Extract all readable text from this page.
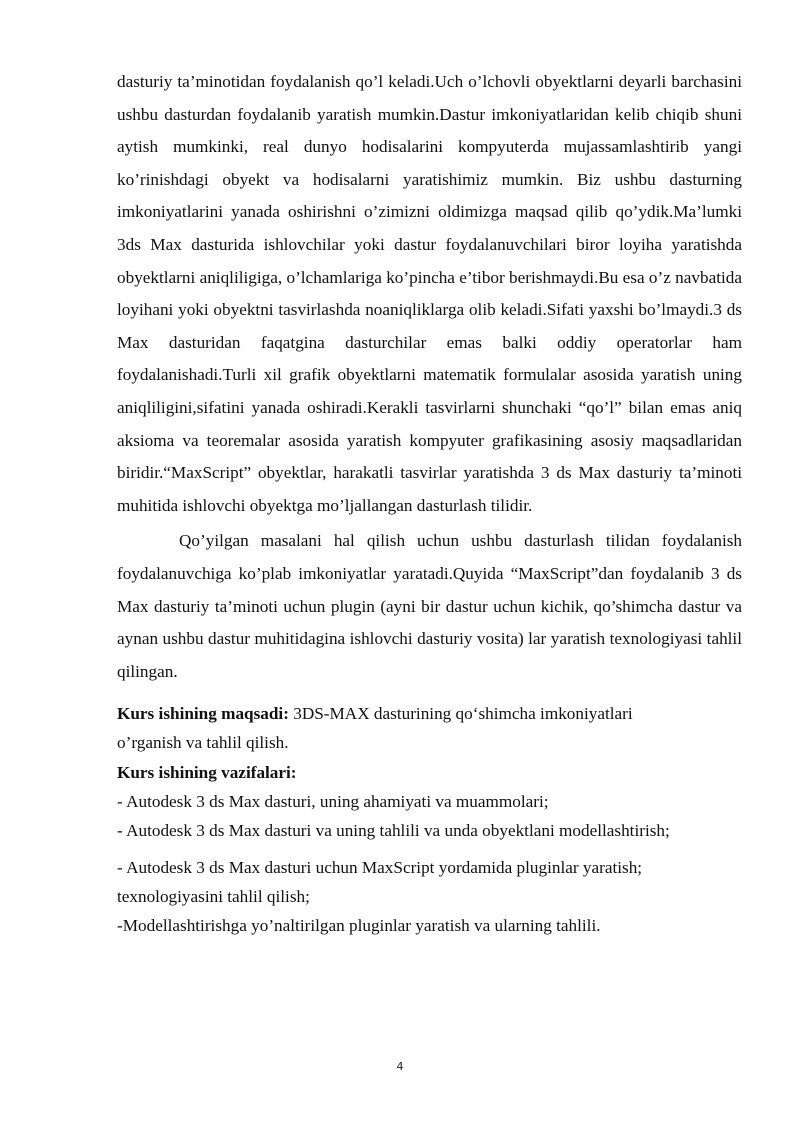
dasturiy ta’minotidan foydalanish qo’l keladi.Uch o’lchovli obyektlarni deyarli barchasini ushbu dasturdan foydalanib yaratish mumkin.Dastur imkoniyatlaridan kelib chiqib shuni aytish mumkinki, real dunyo hodisalarini kompyuterda mujassamlashtirib yangi ko’rinishdagi obyekt va hodisalarni yaratishimiz mumkin. Biz ushbu dasturning imkoniyatlarini yanada oshirishni o’zimizni oldimizga maqsad qilib qo’ydik.Ma’lumki 3ds Max dasturida ishlovchilar yoki dastur foydalanuvchilari biror loyiha yaratishda obyektlarni aniqliligiga, o’lchamlariga ko’pincha e’tibor berishmaydi.Bu esa o’z navbatida loyihani yoki obyektni tasvirlashda noaniqliklarga olib keladi.Sifati yaxshi bo’lmaydi.3 ds Max dasturidan faqatgina dasturchilar emas balki oddiy operatorlar ham foydalanishadi.Turli xil grafik obyektlarni matematik formulalar asosida yaratish uning aniqliligini,sifatini yanada oshiradi.Kerakli tasvirlarni shunchaki “qo’l” bilan emas aniq aksioma va teoremalar asosida yaratish kompyuter grafikasining asosiy maqsadlaridan biridir.“MaxScript” obyektlar, harakatli tasvirlar yaratishda 3 ds Max dasturiy ta’minoti muhitida ishlovchi obyektga mo’ljallangan dasturlash tilidir.

Qo’yilgan masalani hal qilish uchun ushbu dasturlash tilidan foydalanish foydalanuvchiga ko’plab imkoniyatlar yaratadi.Quyida “MaxScript”dan foydalanib 3 ds Max dasturiy ta’minoti uchun plugin (ayni bir dastur uchun kichik, qo’shimcha dastur va aynan ushbu dastur muhitidagina ishlovchi dasturiy vosita) lar yaratish texnologiyasi tahlil qilingan.

Kurs ishining maqsadi: 3DS-MAX dasturining qo‘shimcha imkoniyatlari
o’rganish va tahlil qilish.

Kurs ishining vazifalari:

- Autodesk 3 ds Max dasturi, uning ahamiyati va muammolari;

- Autodesk 3 ds Max dasturi va uning tahlili va unda obyektlani modellashtirish;

- Autodesk 3 ds Max dasturi uchun MaxScript yordamida pluginlar yaratish;

texnologiyasini tahlil qilish;

-Modellashtirishga yo’naltirilgan pluginlar yaratish va ularning tahlili.

4
